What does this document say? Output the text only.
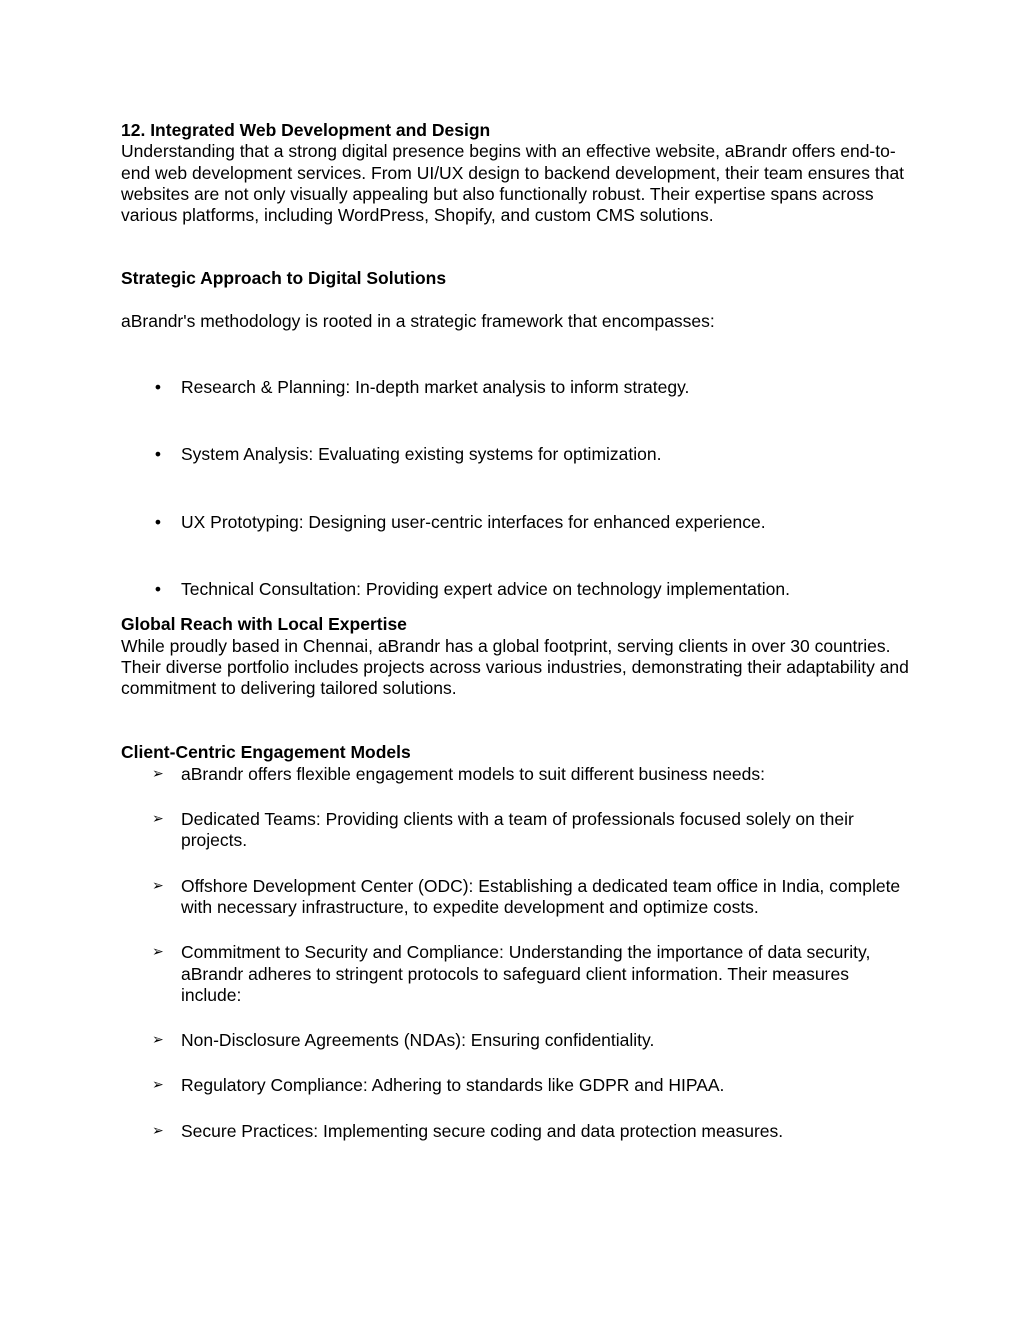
12. Integrated Web Development and Design

Understanding that a strong digital presence begins with an effective website, aBrandr offers end-to-end web development services. From UI/UX design to backend development, their team ensures that websites are not only visually appealing but also functionally robust. Their expertise spans across various platforms, including WordPress, Shopify, and custom CMS solutions.

Strategic Approach to Digital Solutions

aBrandr's methodology is rooted in a strategic framework that encompasses:

• Research & Planning: In-depth market analysis to inform strategy.
• System Analysis: Evaluating existing systems for optimization.
• UX Prototyping: Designing user-centric interfaces for enhanced experience.
• Technical Consultation: Providing expert advice on technology implementation.

Global Reach with Local Expertise

While proudly based in Chennai, aBrandr has a global footprint, serving clients in over 30 countries. Their diverse portfolio includes projects across various industries, demonstrating their adaptability and commitment to delivering tailored solutions.

Client-Centric Engagement Models

➢ aBrandr offers flexible engagement models to suit different business needs:
➢ Dedicated Teams: Providing clients with a team of professionals focused solely on their projects.
➢ Offshore Development Center (ODC): Establishing a dedicated team office in India, complete with necessary infrastructure, to expedite development and optimize costs.
➢ Commitment to Security and Compliance: Understanding the importance of data security, aBrandr adheres to stringent protocols to safeguard client information. Their measures include:
➢ Non-Disclosure Agreements (NDAs): Ensuring confidentiality.
➢ Regulatory Compliance: Adhering to standards like GDPR and HIPAA.
➢ Secure Practices: Implementing secure coding and data protection measures.
